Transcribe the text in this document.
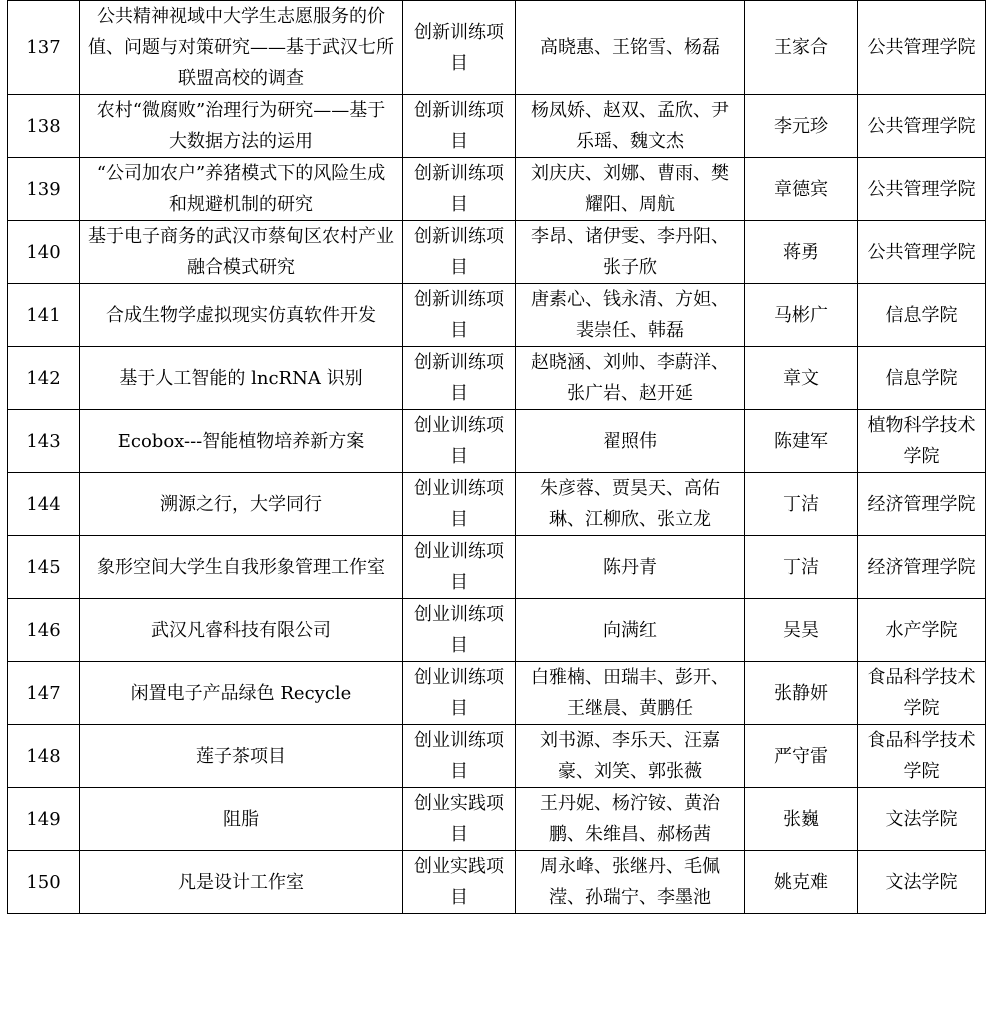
137	公共精神视域中大学生志愿服务的价值、问题与对策研究——基于武汉七所联盟高校的调查	创新训练项目	高晓惠、王铭雪、杨磊	王家合	公共管理学院
138	农村“微腐败”治理行为研究——基于大数据方法的运用	创新训练项目	杨凤娇、赵双、孟欣、尹乐瑶、魏文杰	李元珍	公共管理学院
139	“公司加农户”养猪模式下的风险生成和规避机制的研究	创新训练项目	刘庆庆、刘娜、曹雨、樊耀阳、周航	章德宾	公共管理学院
140	基于电子商务的武汉市蔡甸区农村产业融合模式研究	创新训练项目	李昂、诸伊雯、李丹阳、张子欣	蒋勇	公共管理学院
141	合成生物学虚拟现实仿真软件开发	创新训练项目	唐素心、钱永清、方妲、裴崇任、韩磊	马彬广	信息学院
142	基于人工智能的 lncRNA 识别	创新训练项目	赵晓涵、刘帅、李蔚洋、张广岩、赵开延	章文	信息学院
143	Ecobox---智能植物培养新方案	创业训练项目	翟照伟	陈建军	植物科学技术学院
144	溯源之行，大学同行	创业训练项目	朱彦蓉、贾昊天、高佑琳、江柳欣、张立龙	丁洁	经济管理学院
145	象形空间大学生自我形象管理工作室	创业训练项目	陈丹青	丁洁	经济管理学院
146	武汉凡睿科技有限公司	创业训练项目	向满红	吴昊	水产学院
147	闲置电子产品绿色 Recycle	创业训练项目	白雅楠、田瑞丰、彭开、王继晨、黄鹏任	张静妍	食品科学技术学院
148	莲子茶项目	创业训练项目	刘书源、李乐天、汪嘉豪、刘笑、郭张薇	严守雷	食品科学技术学院
149	阻脂	创业实践项目	王丹妮、杨泞铵、黄治鹏、朱维昌、郝杨茜	张巍	文法学院
150	凡是设计工作室	创业实践项目	周永峰、张继丹、毛佩滢、孙瑞宁、李墨池	姚克难	文法学院
